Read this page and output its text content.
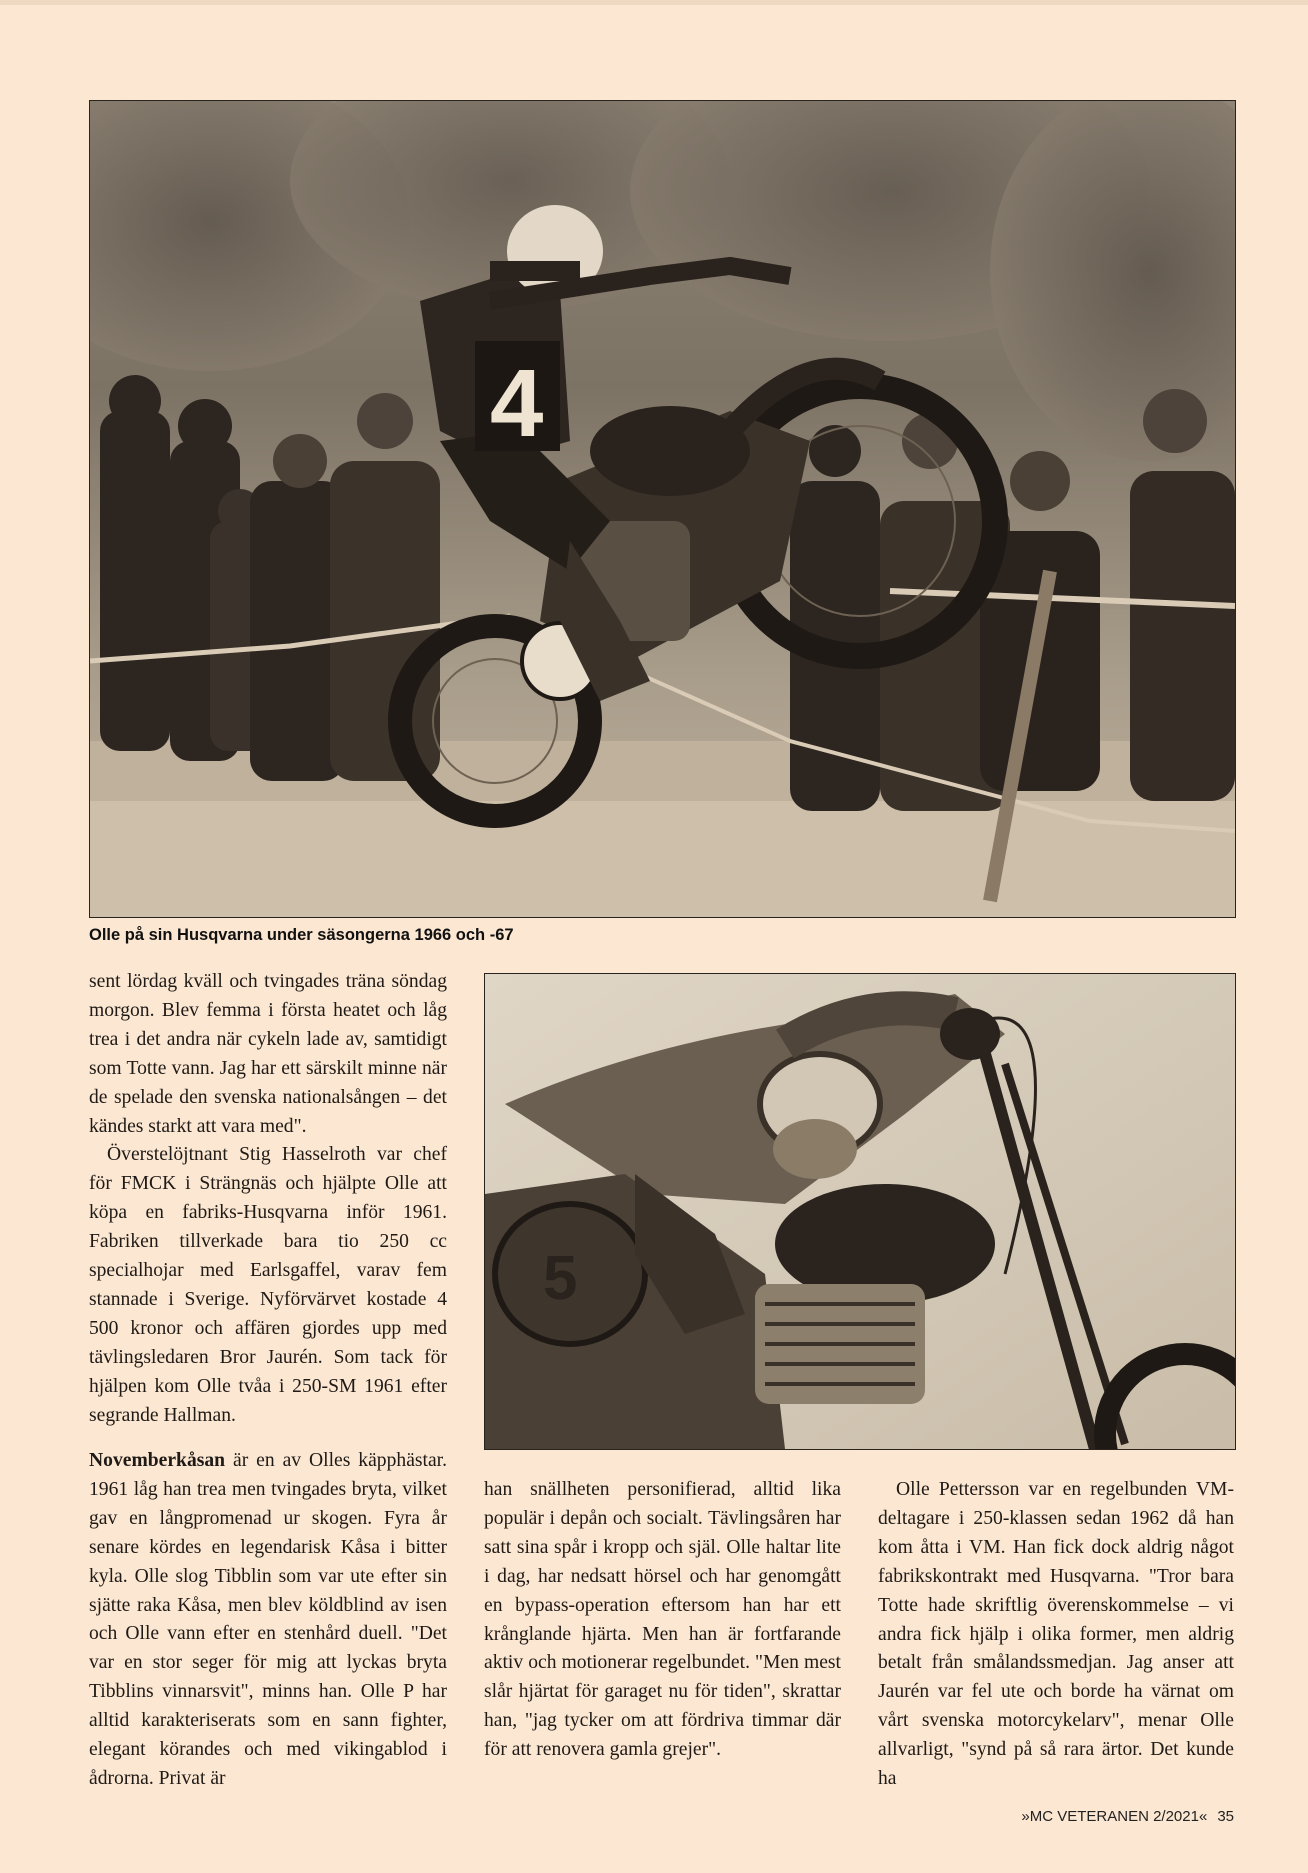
4
Olle på sin Husqvarna under säsongerna 1966 och -67
5

sent lördag kväll och tvingades träna söndag morgon. Blev femma i första heatet och låg trea i det andra när cykeln lade av, samtidigt som Totte vann. Jag har ett särskilt minne när de spelade den svenska nationalsången – det kändes starkt att vara med".

Överstelöjtnant Stig Hasselroth var chef för FMCK i Strängnäs och hjälpte Olle att köpa en fabriks-Husqvarna inför 1961. Fabriken tillverkade bara tio 250 cc specialhojar med Earlsgaffel, varav fem stannade i Sverige. Nyförvärvet kostade 4 500 kronor och affären gjordes upp med tävlingsledaren Bror Jaurén. Som tack för hjälpen kom Olle tvåa i 250-SM 1961 efter segrande Hallman.

Novemberkåsan är en av Olles käpphästar. 1961 låg han trea men tvingades bryta, vilket gav en långpromenad ur skogen. Fyra år senare kördes en legendarisk Kåsa i bitter kyla. Olle slog Tibblin som var ute efter sin sjätte raka Kåsa, men blev köldblind av isen och Olle vann efter en stenhård duell. "Det var en stor seger för mig att lyckas bryta Tibblins vinnarsvit", minns han. Olle P har alltid karakteriserats som en sann fighter, elegant körandes och med vikingablod i ådrorna. Privat är

han snällheten personifierad, alltid lika populär i depån och socialt. Tävlingsåren har satt sina spår i kropp och själ. Olle haltar lite i dag, har nedsatt hörsel och har genomgått en bypass-operation eftersom han har ett krånglande hjärta. Men han är fortfarande aktiv och motionerar regelbundet. "Men mest slår hjärtat för garaget nu för tiden", skrattar han, "jag tycker om att fördriva timmar där för att renovera gamla grejer".

Olle Pettersson var en regelbunden VM-deltagare i 250-klassen sedan 1962 då han kom åtta i VM. Han fick dock aldrig något fabrikskontrakt med Husqvarna. "Tror bara Totte hade skriftlig överenskommelse – vi andra fick hjälp i olika former, men aldrig betalt från smålandssmedjan. Jag anser att Jaurén var fel ute och borde ha värnat om vårt svenska motorcykelarv", menar Olle allvarligt, "synd på så rara ärtor. Det kunde ha

»MC VETERANEN 2/2021« 35
